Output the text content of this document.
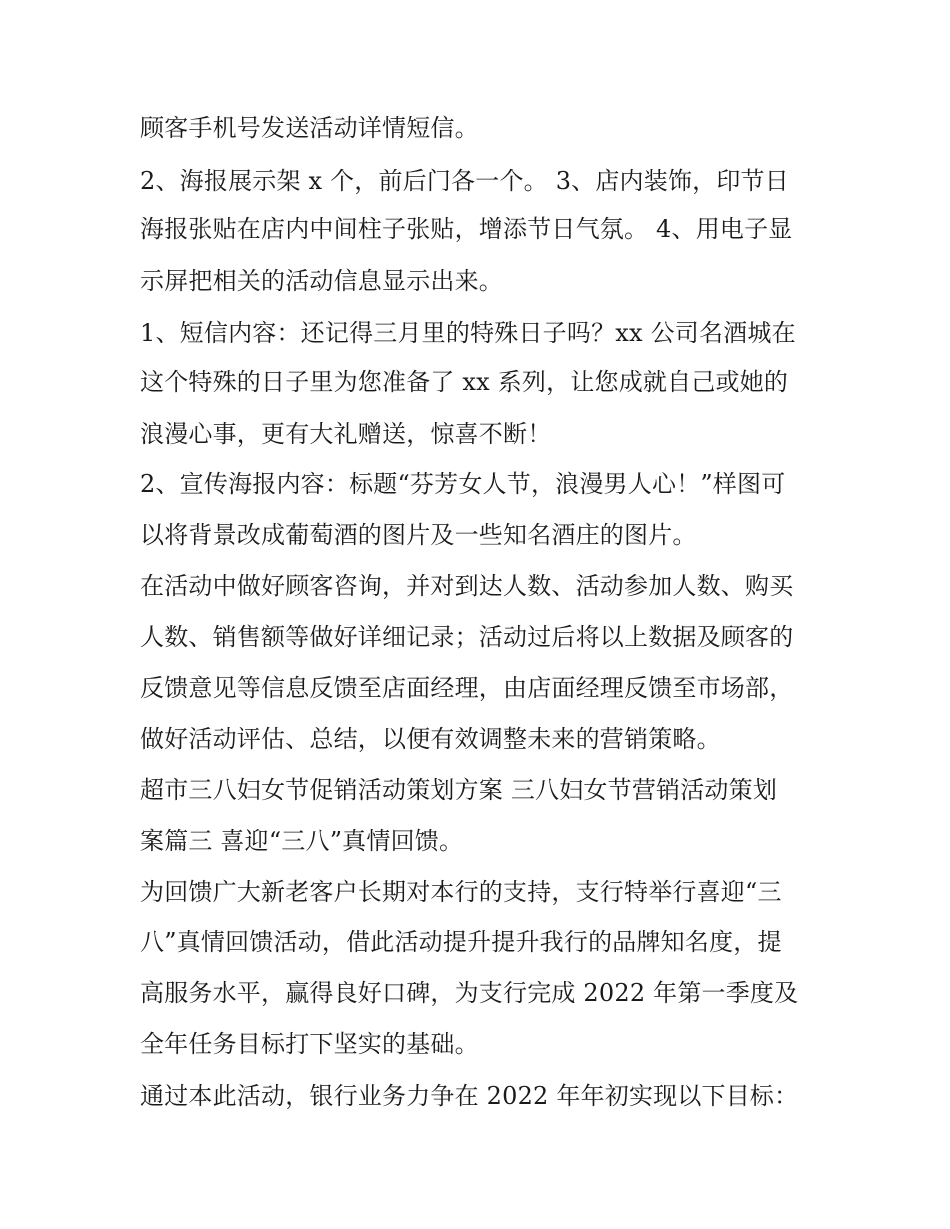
顾客手机号发送活动详情短信。
2、海报展示架 x 个，前后门各一个。 3、店内装饰，印节日
海报张贴在店内中间柱子张贴，增添节日气氛。 4、用电子显
示屏把相关的活动信息显示出来。
1、短信内容：还记得三月里的特殊日子吗？xx 公司名酒城在
这个特殊的日子里为您准备了 xx 系列，让您成就自己或她的
浪漫心事，更有大礼赠送，惊喜不断！
2、宣传海报内容：标题“芬芳女人节，浪漫男人心！”样图可
以将背景改成葡萄酒的图片及一些知名酒庄的图片。
在活动中做好顾客咨询，并对到达人数、活动参加人数、购买
人数、销售额等做好详细记录；活动过后将以上数据及顾客的
反馈意见等信息反馈至店面经理，由店面经理反馈至市场部，
做好活动评估、总结，以便有效调整未来的营销策略。
超市三八妇女节促销活动策划方案 三八妇女节营销活动策划
案篇三 喜迎“三八”真情回馈。
为回馈广大新老客户长期对本行的支持，支行特举行喜迎“三
八”真情回馈活动，借此活动提升提升我行的品牌知名度，提
高服务水平，赢得良好口碑，为支行完成 2022 年第一季度及
全年任务目标打下坚实的基础。
通过本此活动，银行业务力争在 2022 年年初实现以下目标：
